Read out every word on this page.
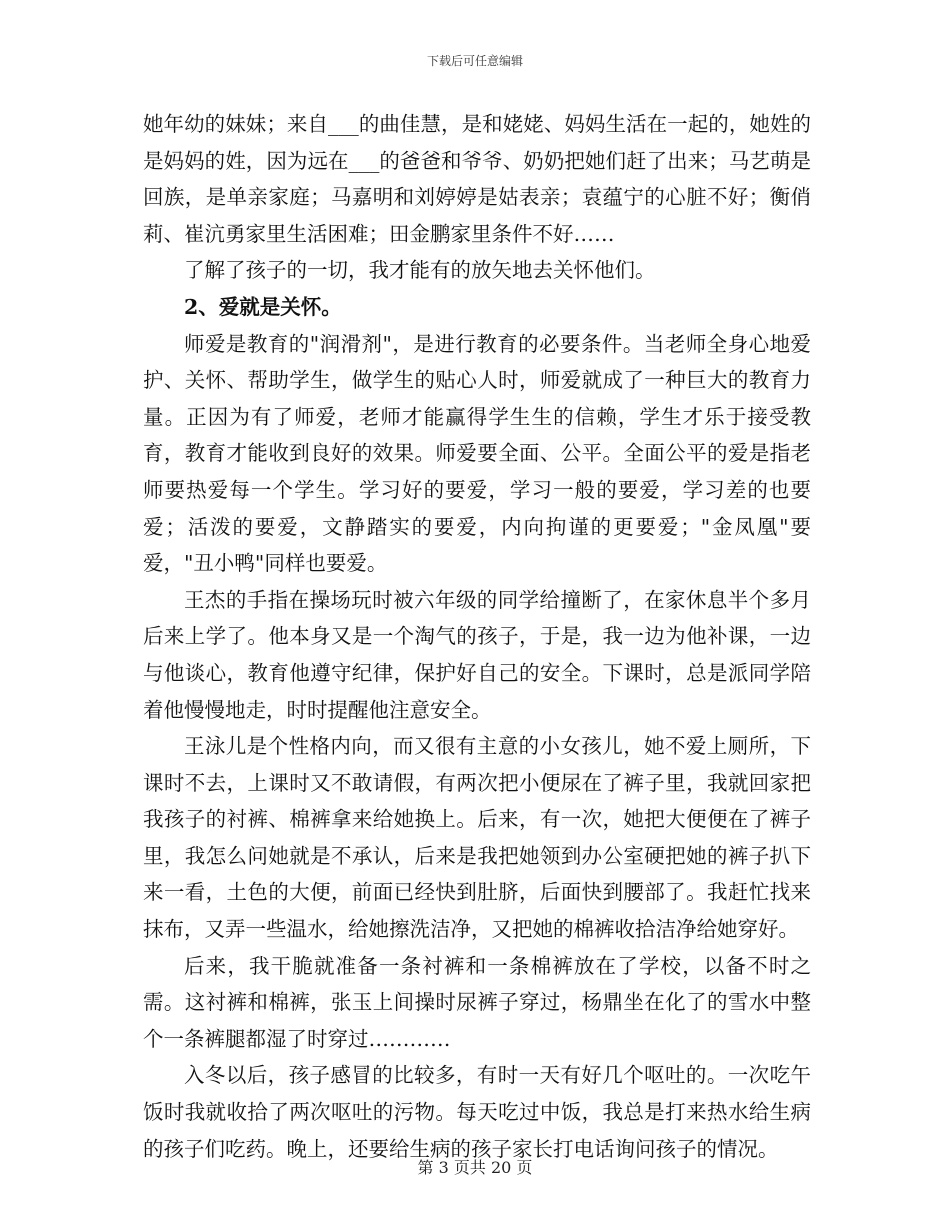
下载后可任意编辑

她年幼的妹妹；来自___的曲佳慧，是和姥姥、妈妈生活在一起的，她姓的是妈妈的姓，因为远在___的爸爸和爷爷、奶奶把她们赶了出来；马艺萌是回族，是单亲家庭；马嘉明和刘婷婷是姑表亲；袁蕴宁的心脏不好；衡俏莉、崔沆勇家里生活困难；田金鹏家里条件不好……

了解了孩子的一切，我才能有的放矢地去关怀他们。

2、爱就是关怀。

师爱是教育的"润滑剂"，是进行教育的必要条件。当老师全身心地爱护、关怀、帮助学生，做学生的贴心人时，师爱就成了一种巨大的教育力量。正因为有了师爱，老师才能赢得学生生的信赖，学生才乐于接受教育，教育才能收到良好的效果。师爱要全面、公平。全面公平的爱是指老师要热爱每一个学生。学习好的要爱，学习一般的要爱，学习差的也要爱；活泼的要爱，文静踏实的要爱，内向拘谨的更要爱；"金凤凰"要爱，"丑小鸭"同样也要爱。

王杰的手指在操场玩时被六年级的同学给撞断了，在家休息半个多月后来上学了。他本身又是一个淘气的孩子，于是，我一边为他补课，一边与他谈心，教育他遵守纪律，保护好自己的安全。下课时，总是派同学陪着他慢慢地走，时时提醒他注意安全。

王泳儿是个性格内向，而又很有主意的小女孩儿，她不爱上厕所，下课时不去，上课时又不敢请假，有两次把小便尿在了裤子里，我就回家把我孩子的衬裤、棉裤拿来给她换上。后来，有一次，她把大便便在了裤子里，我怎么问她就是不承认，后来是我把她领到办公室硬把她的裤子扒下来一看，土色的大便，前面已经快到肚脐，后面快到腰部了。我赶忙找来抹布，又弄一些温水，给她擦洗洁净，又把她的棉裤收拾洁净给她穿好。

后来，我干脆就准备一条衬裤和一条棉裤放在了学校，以备不时之需。这衬裤和棉裤，张玉上间操时尿裤子穿过，杨鼎坐在化了的雪水中整个一条裤腿都湿了时穿过…………

入冬以后，孩子感冒的比较多，有时一天有好几个呕吐的。一次吃午饭时我就收拾了两次呕吐的污物。每天吃过中饭，我总是打来热水给生病的孩子们吃药。晚上，还要给生病的孩子家长打电话询问孩子的情况。

第 3 页共 20 页
